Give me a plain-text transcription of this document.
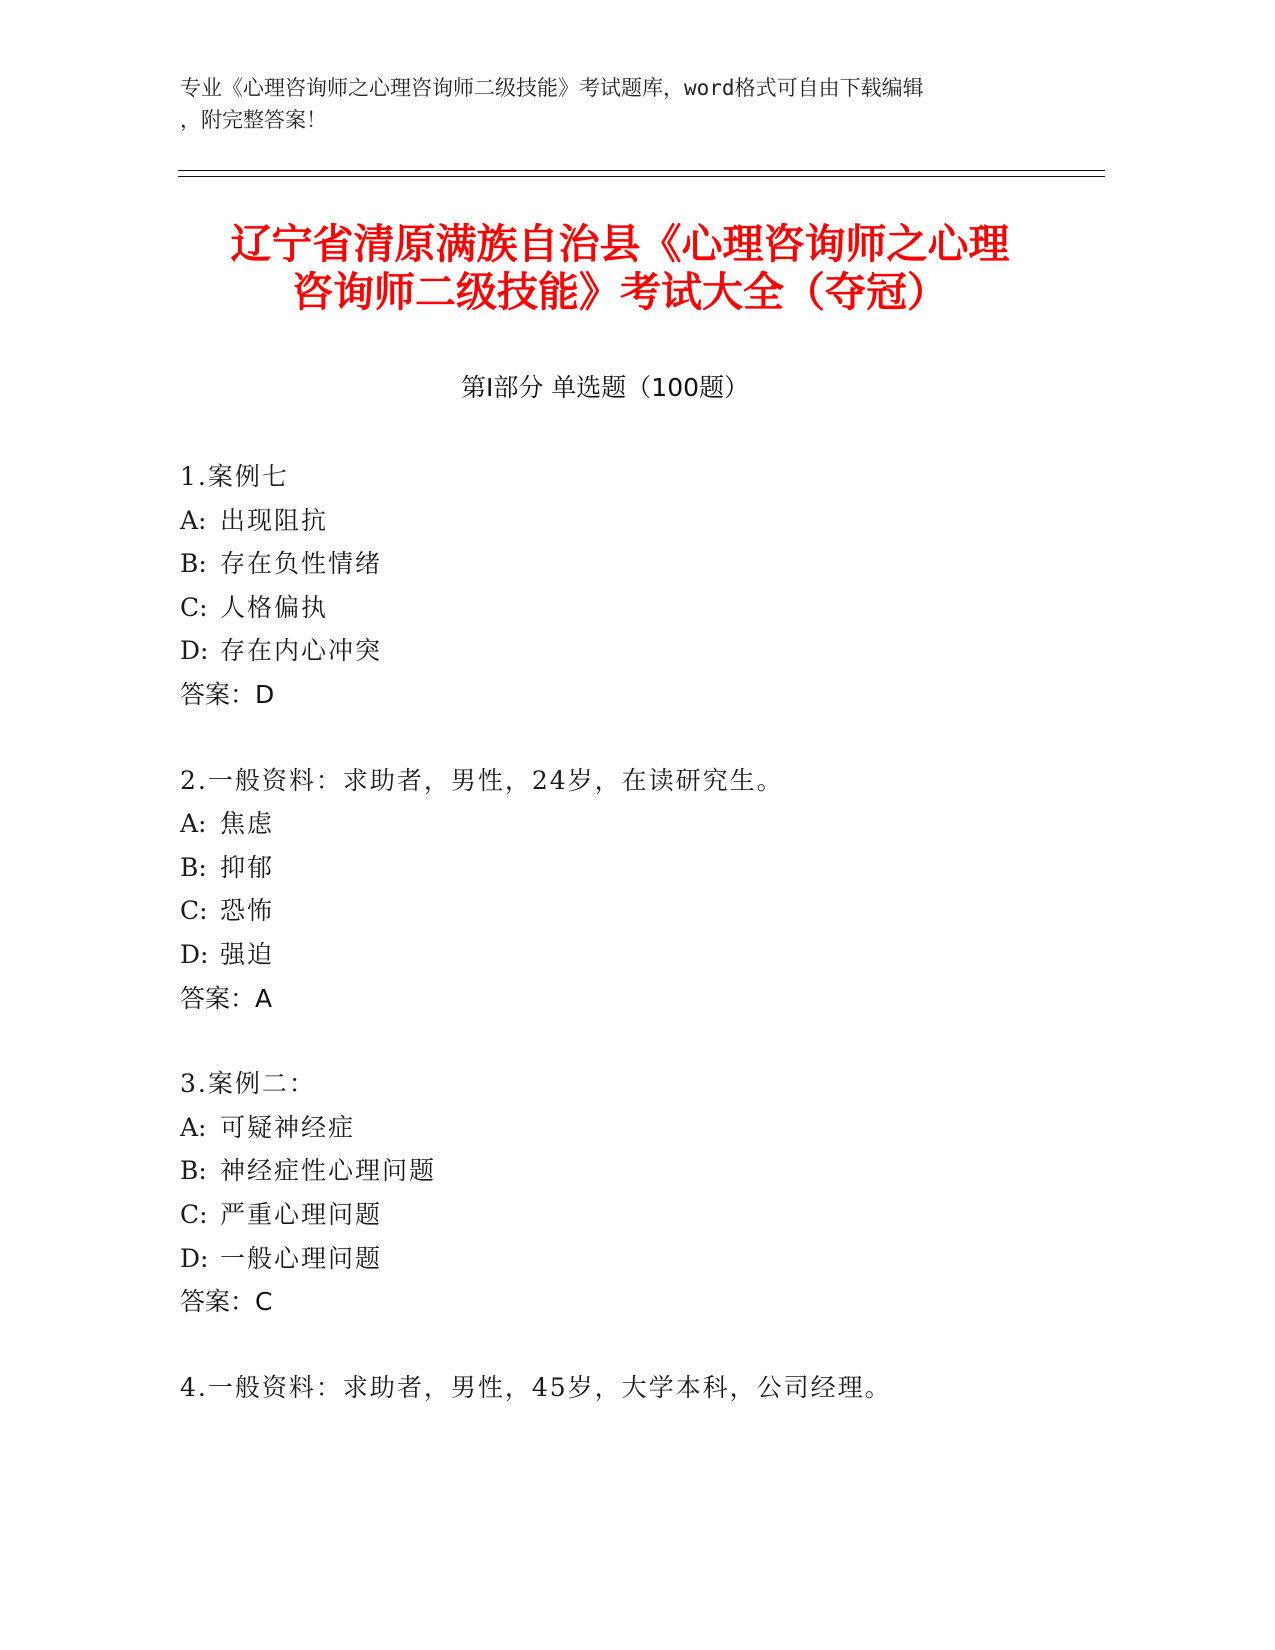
专业《心理咨询师之心理咨询师二级技能》考试题库，word格式可自由下载编辑
，附完整答案！
辽宁省清原满族自治县《心理咨询师之心理
咨询师二级技能》考试大全（夺冠）
第Ⅰ部分 单选题（100题）
1.案例七
A: 出现阻抗
B: 存在负性情绪
C: 人格偏执
D: 存在内心冲突
答案：D
2.一般资料：求助者，男性，24岁，在读研究生。
A: 焦虑
B: 抑郁
C: 恐怖
D: 强迫
答案：A
3.案例二：
A: 可疑神经症
B: 神经症性心理问题
C: 严重心理问题
D: 一般心理问题
答案：C
4.一般资料：求助者，男性，45岁，大学本科，公司经理。
